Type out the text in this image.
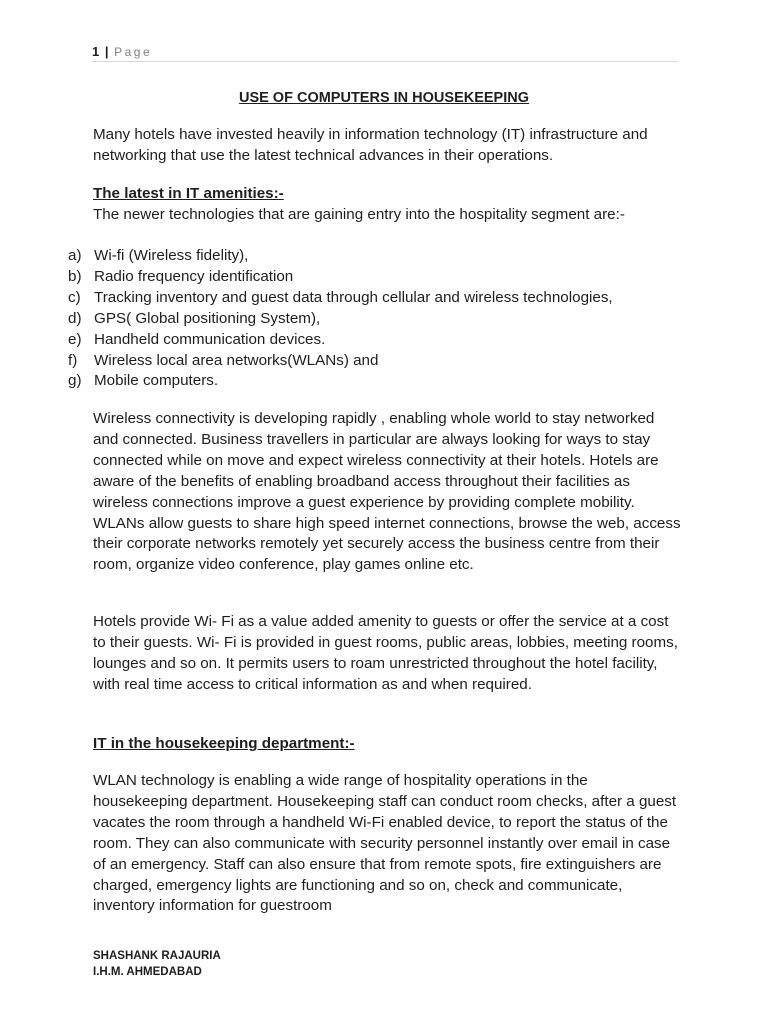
1 | Page
USE OF COMPUTERS IN HOUSEKEEPING
Many hotels have invested heavily in information technology (IT) infrastructure and networking that use the latest technical advances in their operations.
The latest in IT amenities:-
The newer technologies that are gaining entry into the hospitality segment are:-
a) Wi-fi (Wireless fidelity),
b) Radio frequency identification
c) Tracking inventory and guest data through cellular and wireless technologies,
d) GPS( Global positioning System),
e) Handheld communication devices.
f) Wireless local area networks(WLANs) and
g) Mobile computers.
Wireless connectivity is developing rapidly , enabling whole world to stay networked and connected. Business travellers in particular are always looking for ways to stay connected while on move and expect wireless connectivity at their hotels. Hotels are aware of the benefits of enabling broadband access throughout their facilities as wireless connections improve a guest experience by providing complete mobility. WLANs allow guests to share high speed internet connections, browse the web, access their corporate networks remotely yet securely access the business centre from their room, organize video conference, play games online etc.
Hotels provide Wi- Fi as a value added amenity to guests or offer the service at a cost to their guests. Wi- Fi is provided in guest rooms, public areas, lobbies, meeting rooms, lounges and so on. It permits users to roam unrestricted throughout the hotel facility, with real time access to critical information as and when required.
IT in the housekeeping department:-
WLAN technology is enabling a wide range of hospitality operations in the housekeeping department. Housekeeping staff can conduct room checks, after a guest vacates the room through a handheld Wi-Fi enabled device, to report the status of the room. They can also communicate with security personnel instantly over email in case of an emergency. Staff can also ensure that from remote spots, fire extinguishers are charged, emergency lights are functioning and so on, check and communicate, inventory information for guestroom
SHASHANK RAJAURIA
I.H.M. AHMEDABAD
